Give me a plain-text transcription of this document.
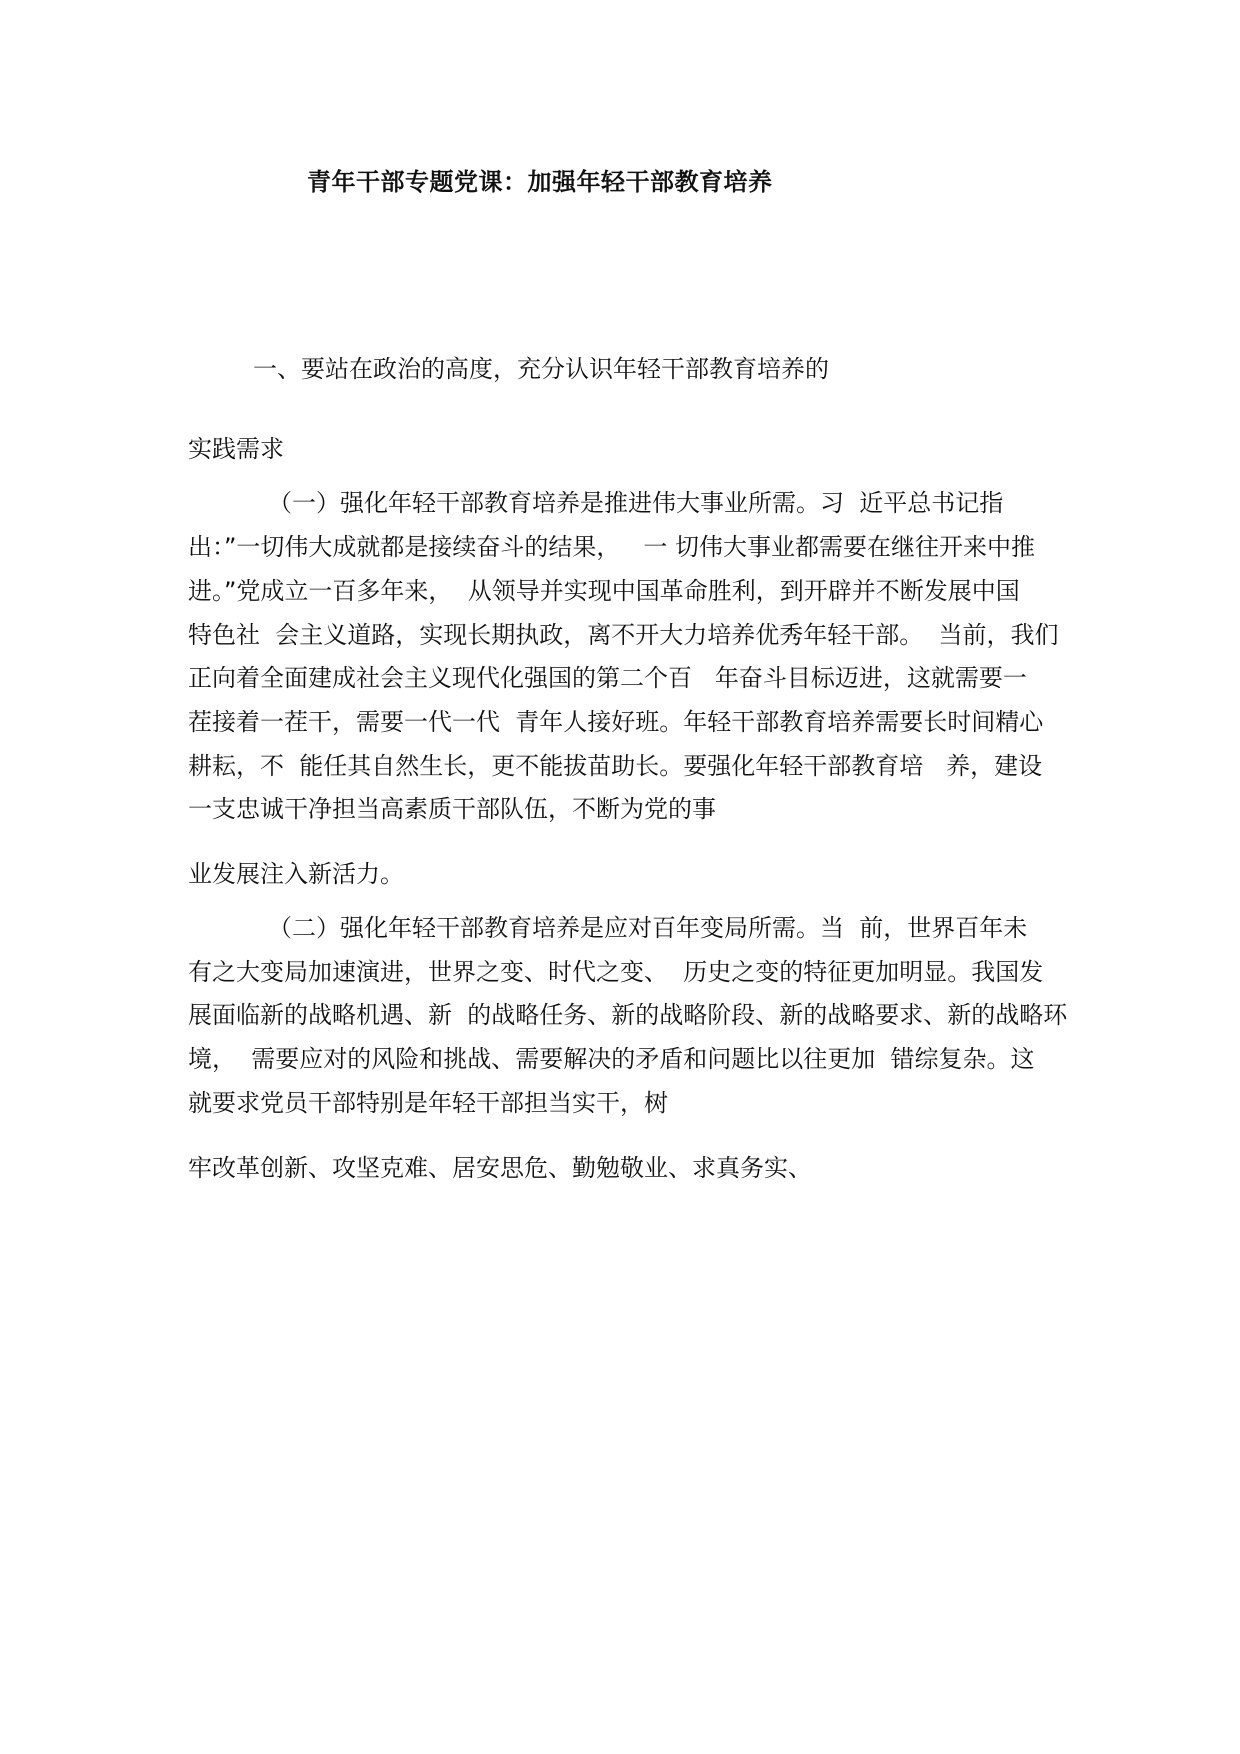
青年干部专题党课：加强年轻干部教育培养
一、要站在政治的高度，充分认识年轻干部教育培养的
实践需求
（一）强化年轻干部教育培养是推进伟大事业所需。习  近平总书记指
出：”一切伟大成就都是接续奋斗的结果，   一 切伟大事业都需要在继往开来中推
进。”党成立一百多年来，  从领导并实现中国革命胜利，到开辟并不断发展中国
特色社  会主义道路，实现长期执政，离不开大力培养优秀年轻干部。  当前，我们
正向着全面建成社会主义现代化强国的第二个百   年奋斗目标迈进，这就需要一
茬接着一茬干，需要一代一代  青年人接好班。年轻干部教育培养需要长时间精心
耕耘，不  能任其自然生长，更不能拔苗助长。要强化年轻干部教育培   养，建设
一支忠诚干净担当高素质干部队伍，不断为党的事
业发展注入新活力。
（二）强化年轻干部教育培养是应对百年变局所需。当  前，世界百年未
有之大变局加速演进，世界之变、时代之变、  历史之变的特征更加明显。我国发
展面临新的战略机遇、新  的战略任务、新的战略阶段、新的战略要求、新的战略环
境，  需要应对的风险和挑战、需要解决的矛盾和问题比以往更加  错综复杂。这
就要求党员干部特别是年轻干部担当实干，树
牢改革创新、攻坚克难、居安思危、勤勉敬业、求真务实、
